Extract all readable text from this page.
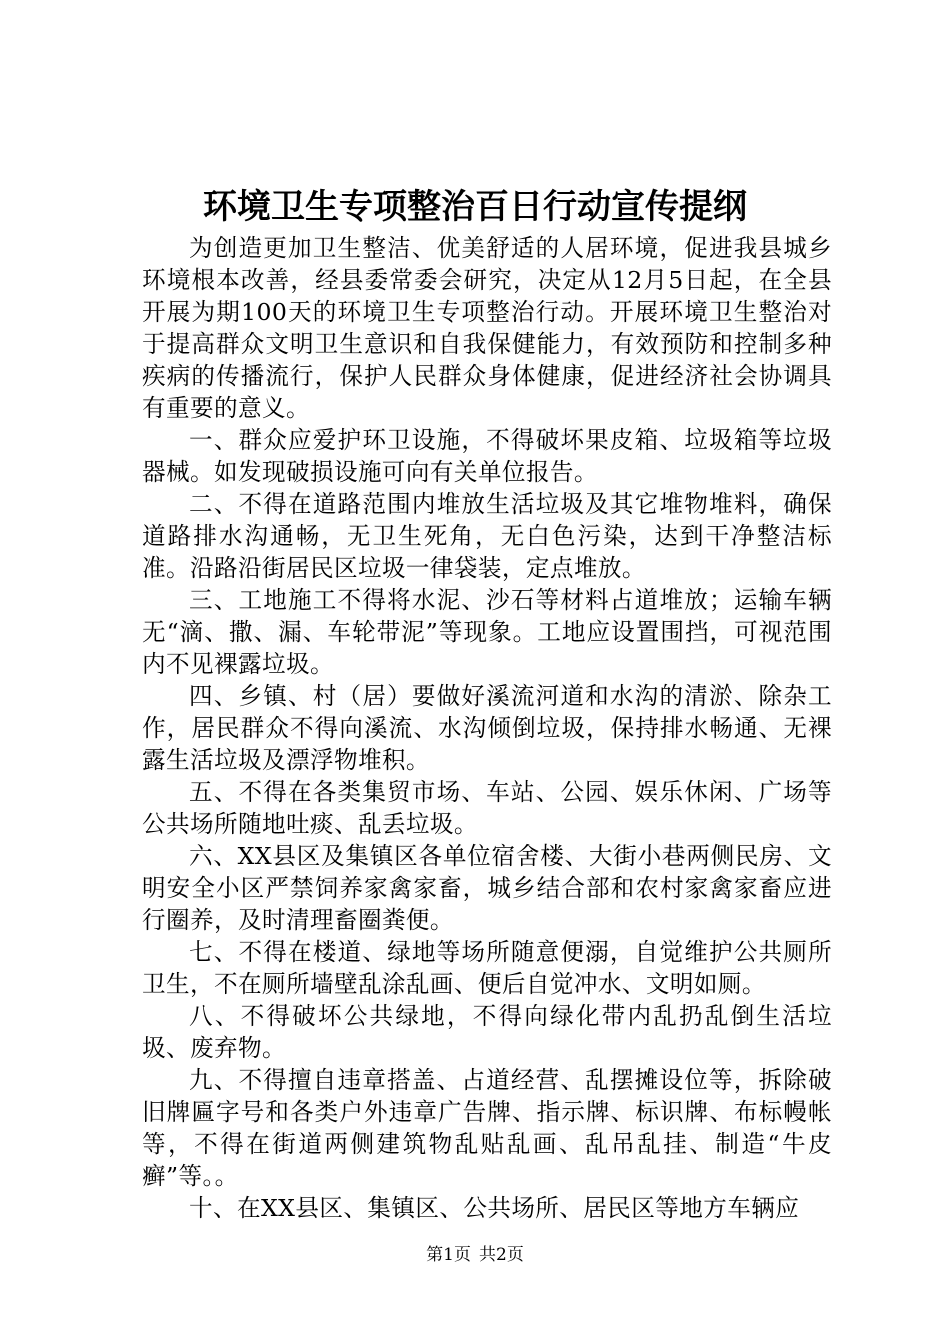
环境卫生专项整治百日行动宣传提纲

为创造更加卫生整洁、优美舒适的人居环境，促进我县城乡环境根本改善，经县委常委会研究，决定从12月5日起，在全县开展为期100天的环境卫生专项整治行动。开展环境卫生整治对于提高群众文明卫生意识和自我保健能力，有效预防和控制多种疾病的传播流行，保护人民群众身体健康，促进经济社会协调具有重要的意义。

一、群众应爱护环卫设施，不得破坏果皮箱、垃圾箱等垃圾器械。如发现破损设施可向有关单位报告。

二、不得在道路范围内堆放生活垃圾及其它堆物堆料，确保道路排水沟通畅，无卫生死角，无白色污染，达到干净整洁标准。沿路沿街居民区垃圾一律袋装，定点堆放。

三、工地施工不得将水泥、沙石等材料占道堆放；运输车辆无“滴、撒、漏、车轮带泥”等现象。工地应设置围挡，可视范围内不见裸露垃圾。

四、乡镇、村（居）要做好溪流河道和水沟的清淤、除杂工作，居民群众不得向溪流、水沟倾倒垃圾，保持排水畅通、无裸露生活垃圾及漂浮物堆积。

五、不得在各类集贸市场、车站、公园、娱乐休闲、广场等公共场所随地吐痰、乱丢垃圾。

六、XX县区及集镇区各单位宿舍楼、大街小巷两侧民房、文明安全小区严禁饲养家禽家畜，城乡结合部和农村家禽家畜应进行圈养，及时清理畜圈粪便。

七、不得在楼道、绿地等场所随意便溺，自觉维护公共厕所卫生，不在厕所墙壁乱涂乱画、便后自觉冲水、文明如厕。

八、不得破坏公共绿地，不得向绿化带内乱扔乱倒生活垃圾、废弃物。

九、不得擅自违章搭盖、占道经营、乱摆摊设位等，拆除破旧牌匾字号和各类户外违章广告牌、指示牌、标识牌、布标幔帐等，不得在街道两侧建筑物乱贴乱画、乱吊乱挂、制造“牛皮癣”等。。

十、在XX县区、集镇区、公共场所、居民区等地方车辆应

第1页 共2页
